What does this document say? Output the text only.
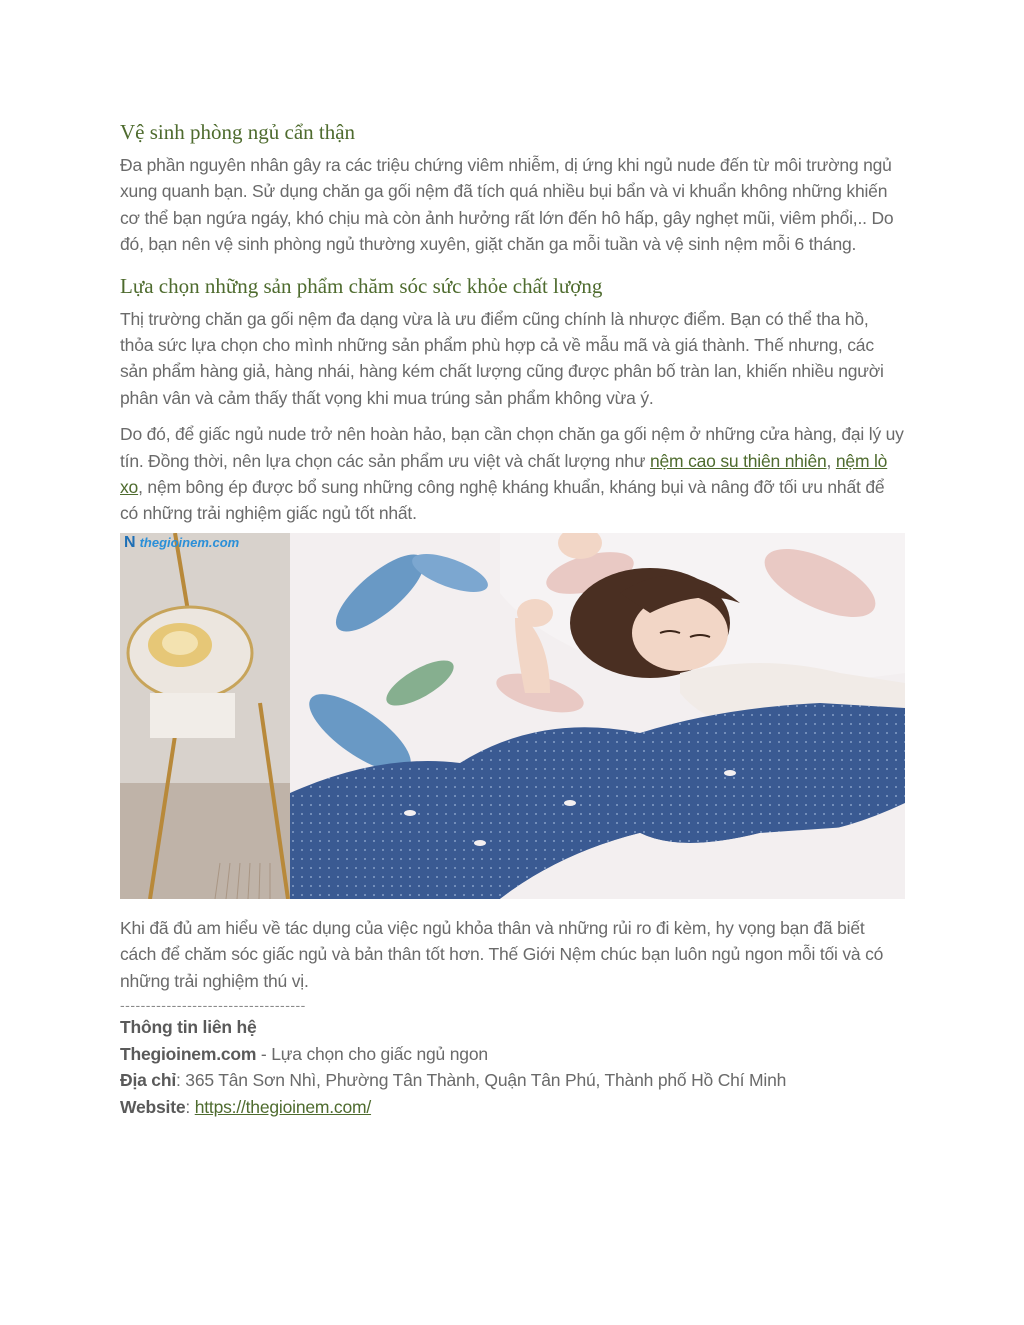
Vệ sinh phòng ngủ cẩn thận

Đa phần nguyên nhân gây ra các triệu chứng viêm nhiễm, dị ứng khi ngủ nude đến từ môi trường ngủ xung quanh bạn. Sử dụng chăn ga gối nệm đã tích quá nhiều bụi bẩn và vi khuẩn không những khiến cơ thể bạn ngứa ngáy, khó chịu mà còn ảnh hưởng rất lớn đến hô hấp, gây nghẹt mũi, viêm phổi,.. Do đó, bạn nên vệ sinh phòng ngủ thường xuyên, giặt chăn ga mỗi tuần và vệ sinh nệm mỗi 6 tháng.

Lựa chọn những sản phẩm chăm sóc sức khỏe chất lượng

Thị trường chăn ga gối nệm đa dạng vừa là ưu điểm cũng chính là nhược điểm. Bạn có thể tha hồ, thỏa sức lựa chọn cho mình những sản phẩm phù hợp cả về mẫu mã và giá thành. Thế nhưng, các sản phẩm hàng giả, hàng nhái, hàng kém chất lượng cũng được phân bố tràn lan, khiến nhiều người phân vân và cảm thấy thất vọng khi mua trúng sản phẩm không vừa ý.

Do đó, để giấc ngủ nude trở nên hoàn hảo, bạn cần chọn chăn ga gối nệm ở những cửa hàng, đại lý uy tín. Đồng thời, nên lựa chọn các sản phẩm ưu việt và chất lượng như nệm cao su thiên nhiên, nệm lò xo, nệm bông ép được bổ sung những công nghệ kháng khuẩn, kháng bụi và nâng đỡ tối ưu nhất để có những trải nghiệm giấc ngủ tốt nhất.

N thegioinem.com

Khi đã đủ am hiểu về tác dụng của việc ngủ khỏa thân và những rủi ro đi kèm, hy vọng bạn đã biết cách để chăm sóc giấc ngủ và bản thân tốt hơn. Thế Giới Nệm chúc bạn luôn ngủ ngon mỗi tối và có những trải nghiệm thú vị.

------------------------------------

Thông tin liên hệ

Thegioinem.com - Lựa chọn cho giấc ngủ ngon

Địa chỉ: 365 Tân Sơn Nhì, Phường Tân Thành, Quận Tân Phú, Thành phố Hồ Chí Minh

Website: https://thegioinem.com/
